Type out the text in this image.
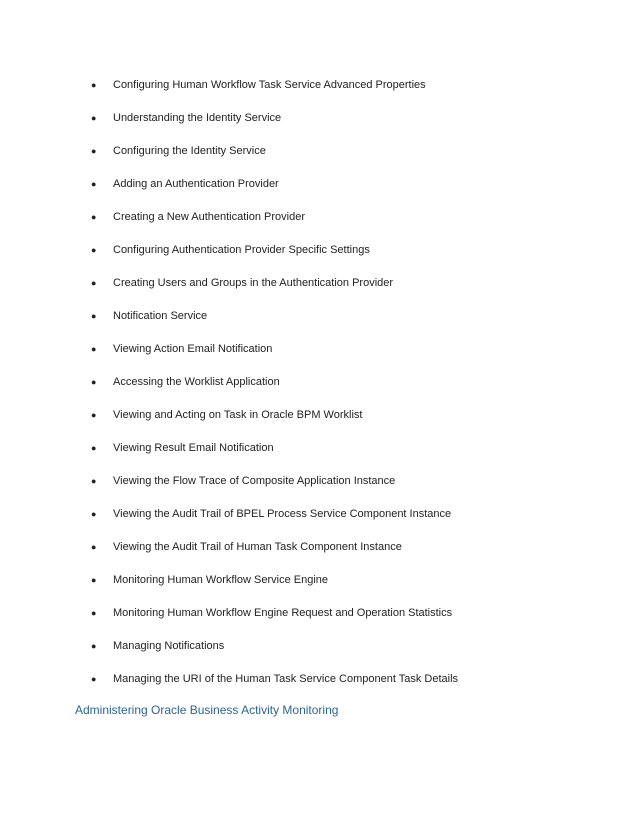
● Configuring Human Workflow Task Service Advanced Properties
● Understanding the Identity Service
● Configuring the Identity Service
● Adding an Authentication Provider
● Creating a New Authentication Provider
● Configuring Authentication Provider Specific Settings
● Creating Users and Groups in the Authentication Provider
● Notification Service
● Viewing Action Email Notification
● Accessing the Worklist Application
● Viewing and Acting on Task in Oracle BPM Worklist
● Viewing Result Email Notification
● Viewing the Flow Trace of Composite Application Instance
● Viewing the Audit Trail of BPEL Process Service Component Instance
● Viewing the Audit Trail of Human Task Component Instance
● Monitoring Human Workflow Service Engine
● Monitoring Human Workflow Engine Request and Operation Statistics
● Managing Notifications
● Managing the URI of the Human Task Service Component Task Details
Administering Oracle Business Activity Monitoring
